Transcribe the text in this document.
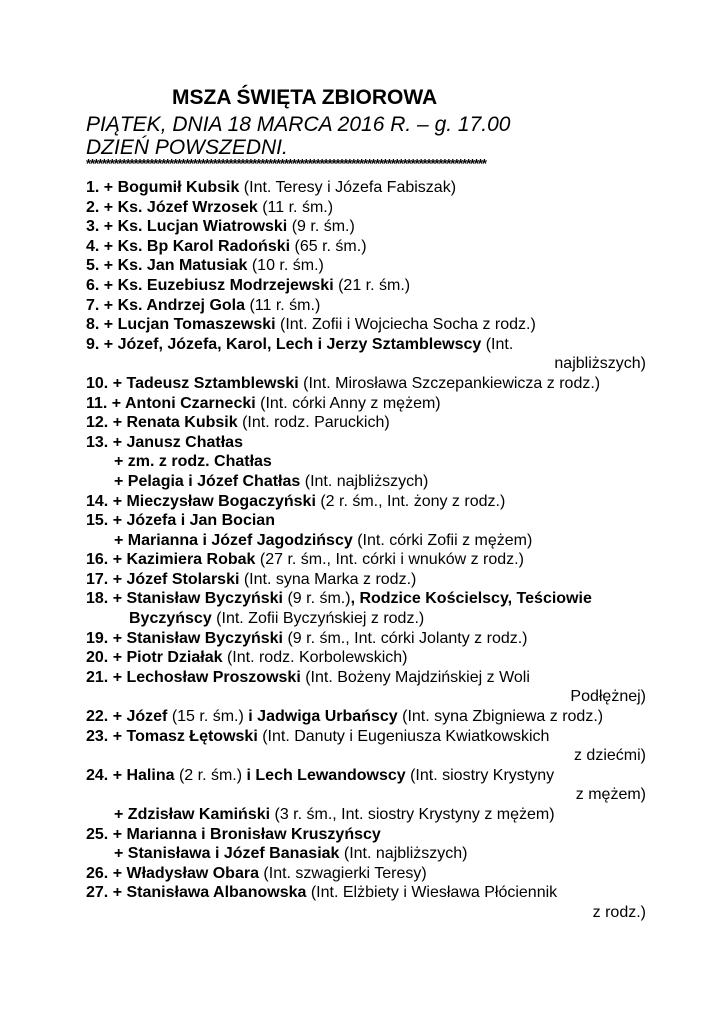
MSZA ŚWIĘTA ZBIOROWA
PIĄTEK, DNIA 18 MARCA 2016 R. – g. 17.00
DZIEŃ POWSZEDNI.
*****************************************************************************************************
1. + Bogumił Kubsik (Int. Teresy i Józefa Fabiszak)
2. + Ks. Józef Wrzosek (11 r. śm.)
3. + Ks. Lucjan Wiatrowski (9 r. śm.)
4. + Ks. Bp Karol Radoński (65 r. śm.)
5. + Ks. Jan Matusiak (10 r. śm.)
6. + Ks. Euzebiusz Modrzejewski (21 r. śm.)
7. + Ks. Andrzej Gola (11 r. śm.)
8. + Lucjan Tomaszewski (Int. Zofii i Wojciecha Socha z rodz.)
9. + Józef, Józefa, Karol, Lech i Jerzy Sztamblewscy (Int.
najbliższych)
10. + Tadeusz Sztamblewski (Int. Mirosława Szczepankiewicza z rodz.)
11. + Antoni Czarnecki (Int. córki Anny z mężem)
12. + Renata Kubsik (Int. rodz. Paruckich)
13. + Janusz Chatłas
+ zm. z rodz. Chatłas
+ Pelagia i Józef Chatłas (Int. najbliższych)
14. + Mieczysław Bogaczyński (2 r. śm., Int. żony z rodz.)
15. + Józefa i Jan Bocian
+ Marianna i Józef Jagodzińscy (Int. córki Zofii z mężem)
16. + Kazimiera Robak (27 r. śm., Int. córki i wnuków z rodz.)
17. + Józef Stolarski (Int. syna Marka z rodz.)
18. + Stanisław Byczyński (9 r. śm.), Rodzice Kościelscy, Teściowie
Byczyńscy (Int. Zofii Byczyńskiej z rodz.)
19. + Stanisław Byczyński (9 r. śm., Int. córki Jolanty z rodz.)
20. + Piotr Działak (Int. rodz. Korbolewskich)
21. + Lechosław Proszowski (Int. Bożeny Majdzińskiej z Woli
Podłężnej)
22. + Józef (15 r. śm.) i Jadwiga Urbańscy (Int. syna Zbigniewa z rodz.)
23. + Tomasz Łętowski (Int. Danuty i Eugeniusza Kwiatkowskich
z dziećmi)
24. + Halina (2 r. śm.) i Lech Lewandowscy (Int. siostry Krystyny
z mężem)
+ Zdzisław Kamiński (3 r. śm., Int. siostry Krystyny z mężem)
25. + Marianna i Bronisław Kruszyńscy
+ Stanisława i Józef Banasiak (Int. najbliższych)
26. + Władysław Obara (Int. szwagierki Teresy)
27. + Stanisława Albanowska (Int. Elżbiety i Wiesława Płóciennik
z rodz.)
